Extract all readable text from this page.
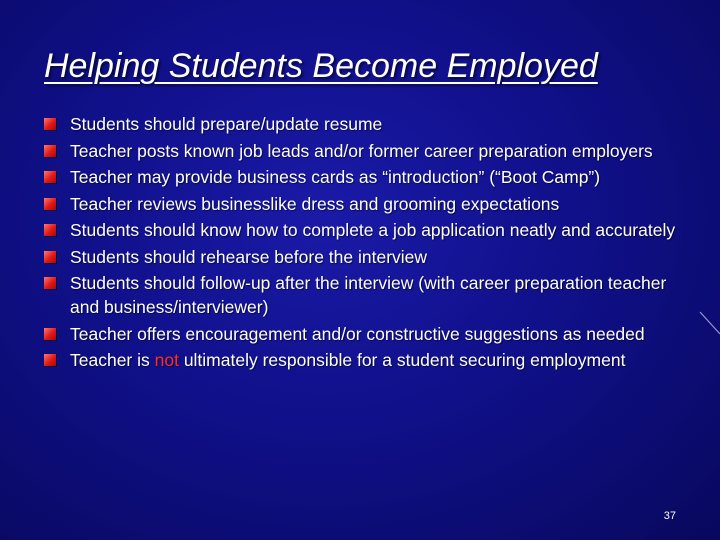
Helping Students Become Employed
Students should prepare/update resume
Teacher posts known job leads and/or former career preparation employers
Teacher may provide business cards as “introduction” (“Boot Camp”)
Teacher reviews businesslike dress and grooming expectations
Students should know how to complete a job application neatly and accurately
Students should rehearse before the interview
Students should follow-up after the interview (with career preparation teacher and business/interviewer)
Teacher offers encouragement and/or constructive suggestions as needed
Teacher is not ultimately responsible for a student securing employment
37
